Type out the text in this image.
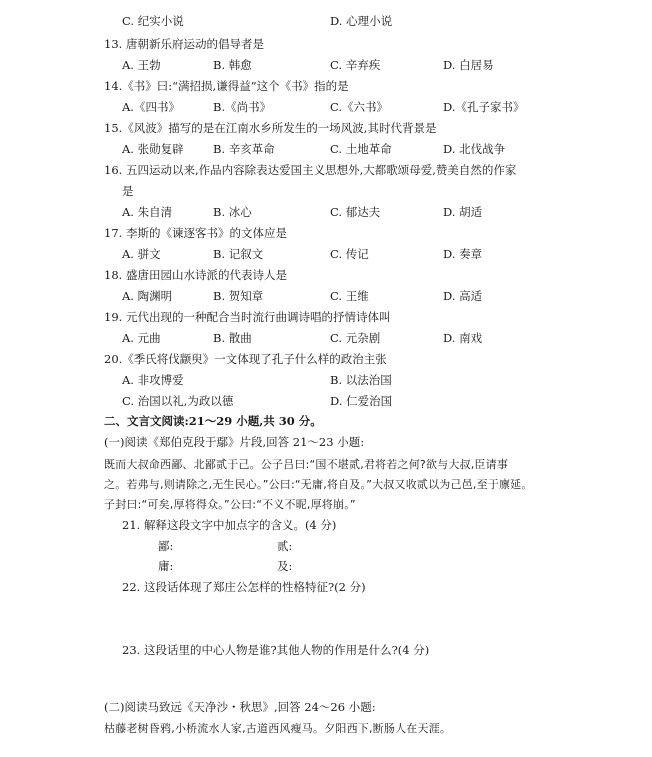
C. 纪实小说	D. 心理小说
13. 唐朝新乐府运动的倡导者是
A. 王勃	B. 韩愈	C. 辛弃疾	D. 白居易
14.《书》曰:“满招损,谦得益”这个《书》指的是
A.《四书》	B.《尚书》	C.《六书》	D.《孔子家书》
15.《风波》描写的是在江南水乡所发生的一场风波,其时代背景是
A. 张勋复辟	B. 辛亥革命	C. 土地革命	D. 北伐战争
16. 五四运动以来,作品内容除表达爱国主义思想外,大都歌颂母爱,赞美自然的作家
是
A. 朱自清	B. 冰心	C. 郁达夫	D. 胡适
17. 李斯的《谏逐客书》的文体应是
A. 骈文	B. 记叙文	C. 传记	D. 奏章
18. 盛唐田园山水诗派的代表诗人是
A. 陶渊明	B. 贺知章	C. 王维	D. 高适
19. 元代出现的一种配合当时流行曲调诗唱的抒情诗体叫
A. 元曲	B. 散曲	C. 元杂剧	D. 南戏
20.《季氏将伐颛臾》一文体现了孔子什么样的政治主张
A. 非攻博爱	B. 以法治国
C. 治国以礼,为政以德	D. 仁爱治国
二、文言文阅读:21～29 小题,共 30 分。
(一)阅读《郑伯克段于鄢》片段,回答 21～23 小题:
既而大叔命西鄙、北鄙贰于己。公子吕曰:“国不堪贰,君将若之何?欲与大叔,臣请事
之。若弗与,则请除之,无生民心。”公曰:“无庸,将自及。”大叔又收贰以为己邑,至于廪延。
子封曰:“可矣,厚将得众。”公曰:“不义不昵,厚将崩。”
21. 解释这段文字中加点字的含义。(4 分)
鄙:	贰:
庸:	及:
22. 这段话体现了郑庄公怎样的性格特征?(2 分)
23. 这段话里的中心人物是谁?其他人物的作用是什么?(4 分)
(二)阅读马致远《天净沙・秋思》,回答 24～26 小题:
枯藤老树昏鸦,小桥流水人家,古道西风瘦马。夕阳西下,断肠人在天涯。
